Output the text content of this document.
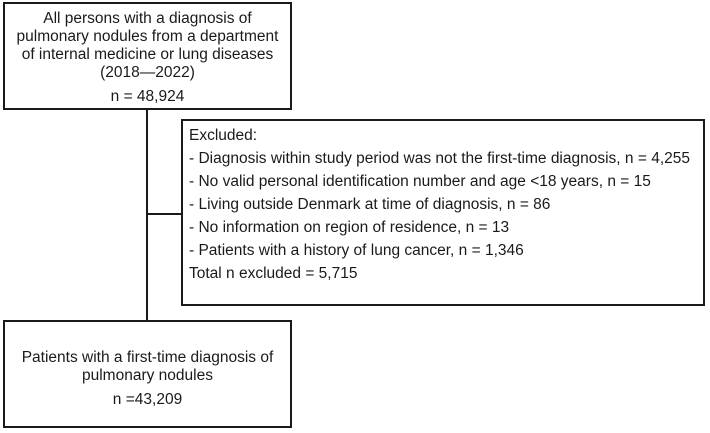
All persons with a diagnosis of
pulmonary nodules from a department
of internal medicine or lung diseases
(2018—2022)
n = 48,924
Excluded:
- Diagnosis within study period was not the first-time diagnosis, n = 4,255
- No valid personal identification number and age <18 years, n = 15
- Living outside Denmark at time of diagnosis, n = 86
- No information on region of residence, n = 13
- Patients with a history of lung cancer, n = 1,346
Total n excluded = 5,715
Patients with a first-time diagnosis of
pulmonary nodules
n =43,209
